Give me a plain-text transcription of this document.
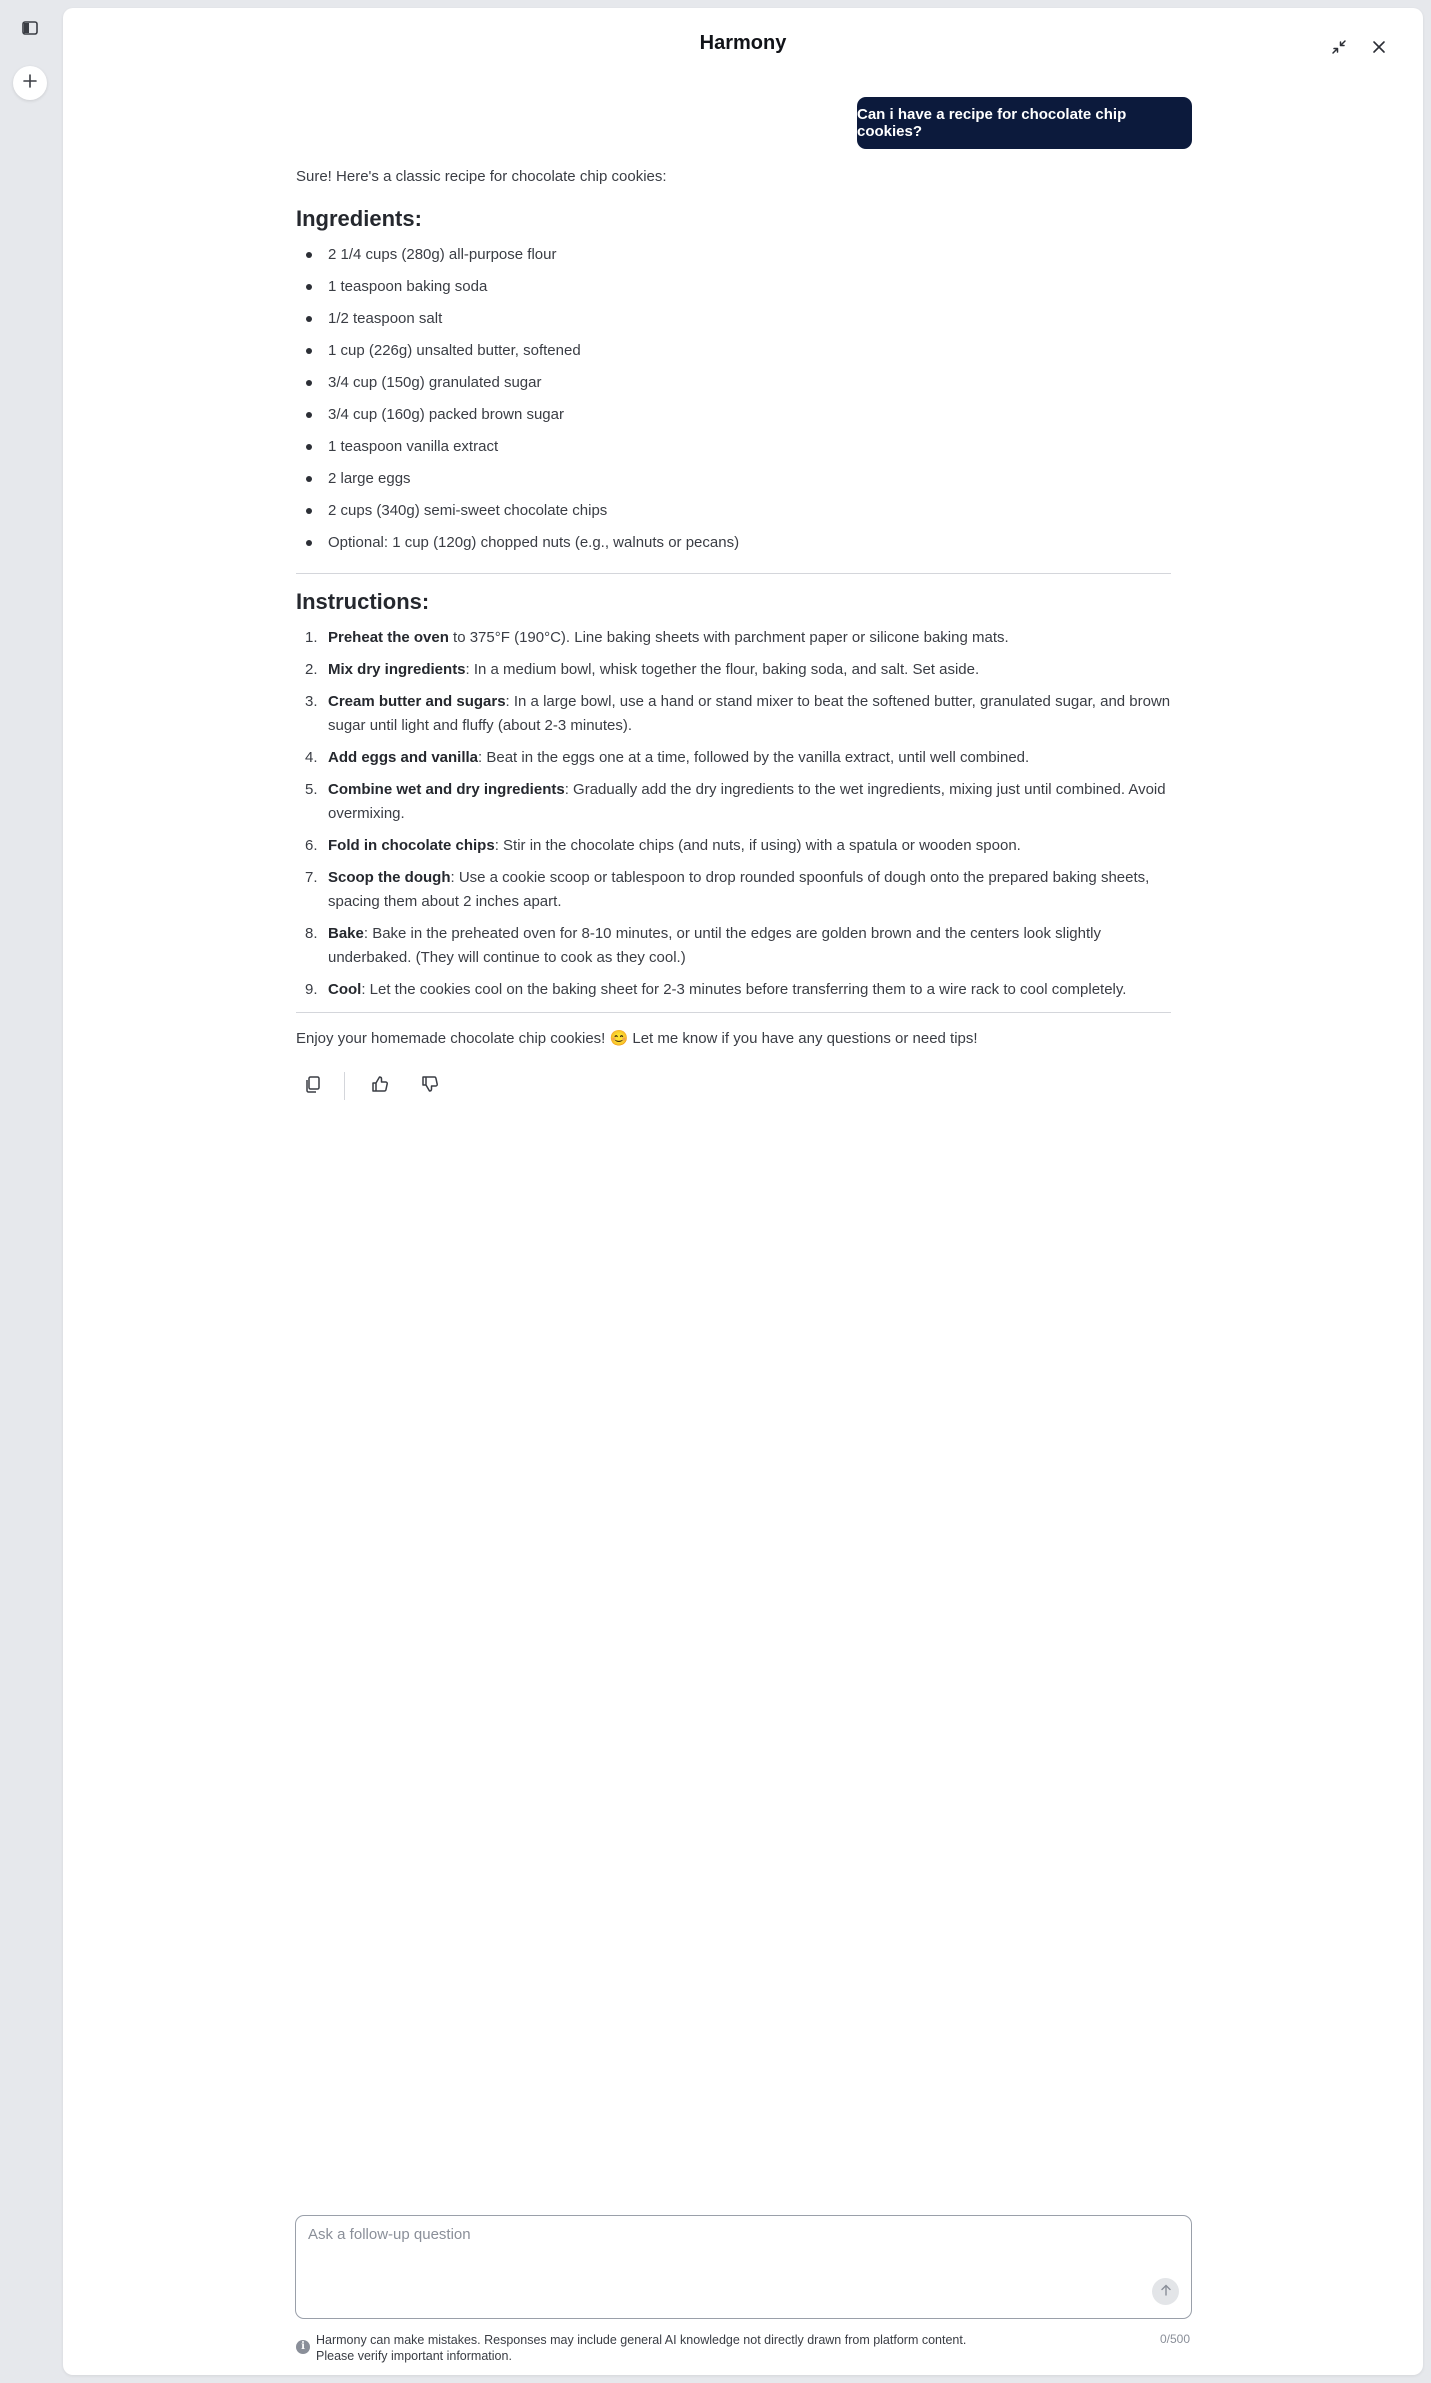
Harmony
Can i have a recipe for chocolate chip cookies?

Sure! Here's a classic recipe for chocolate chip cookies:

Ingredients:
2 1/4 cups (280g) all-purpose flour
1 teaspoon baking soda
1/2 teaspoon salt
1 cup (226g) unsalted butter, softened
3/4 cup (150g) granulated sugar
3/4 cup (160g) packed brown sugar
1 teaspoon vanilla extract
2 large eggs
2 cups (340g) semi-sweet chocolate chips
Optional: 1 cup (120g) chopped nuts (e.g., walnuts or pecans)
Instructions:
1. Preheat the oven to 375°F (190°C). Line baking sheets with parchment paper or silicone baking mats.
2. Mix dry ingredients: In a medium bowl, whisk together the flour, baking soda, and salt. Set aside.
3. Cream butter and sugars: In a large bowl, use a hand or stand mixer to beat the softened butter, granulated sugar, and brown sugar until light and fluffy (about 2-3 minutes).
4. Add eggs and vanilla: Beat in the eggs one at a time, followed by the vanilla extract, until well combined.
5. Combine wet and dry ingredients: Gradually add the dry ingredients to the wet ingredients, mixing just until combined. Avoid overmixing.
6. Fold in chocolate chips: Stir in the chocolate chips (and nuts, if using) with a spatula or wooden spoon.
7. Scoop the dough: Use a cookie scoop or tablespoon to drop rounded spoonfuls of dough onto the prepared baking sheets, spacing them about 2 inches apart.
8. Bake: Bake in the preheated oven for 8-10 minutes, or until the edges are golden brown and the centers look slightly underbaked. (They will continue to cook as they cool.)
9. Cool: Let the cookies cool on the baking sheet for 2-3 minutes before transferring them to a wire rack to cool completely.

Enjoy your homemade chocolate chip cookies! 😊 Let me know if you have any questions or need tips!

Ask a follow-up question
i Harmony can make mistakes. Responses may include general AI knowledge not directly drawn from platform content.
Please verify important information.
0/500
